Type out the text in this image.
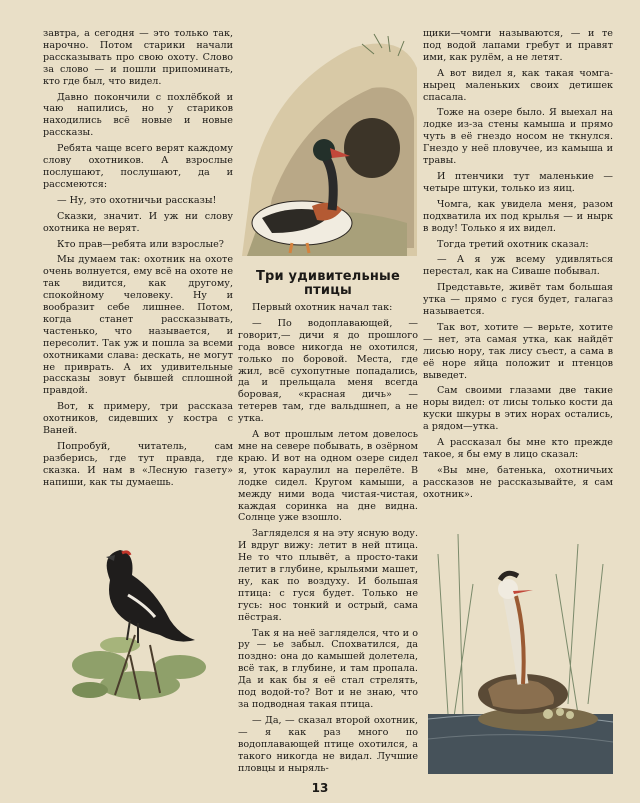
завтра, а сегодня — это только так, нарочно. Потом старики начали рассказывать про свою охоту. Слово за слово — и пошли припоминать, кто где был, что видел.

Давно покончили с похлёбкой и чаю напились, но у стариков находились всё новые и новые рассказы.

Ребята чаще всего верят каждому слову охотников. А взрослые послушают, послушают, да и рассмеются:

— Ну, это охотничьи рассказы!

Сказки, значит. И уж ни слову охотника не верят.

Кто прав—ребята или взрослые?

Мы думаем так: охотник на охоте очень волнуется, ему всё на охоте не так видится, как другому, спокойному человеку. Ну и вообразит себе лишнее. Потом, когда станет рассказывать, частенько, что называется, и пересолит. Так уж и пошла за всеми охотниками слава: дескать, не могут не приврать. А их удивительные рассказы зовут бывшей сплошной правдой.

Вот, к примеру, три рассказа охотников, сидевших у костра с Ваней.

Попробуй, читатель, сам разберись, где тут правда, где сказка. И нам в «Лесную газету» напиши, как ты думаешь.

Три удивительные птицы

Первый охотник начал так:

— По водоплавающей, — говорит,— дичи я до прошлого года вовсе никогда не охотился, только по боровой. Места, где жил, всё сухопутные попадались, да и прельщала меня всегда боровая, «красная дичь» — тетерев там, где вальдшнеп, а не утка.

А вот прошлым летом довелось мне на севере побывать, в озёрном краю. И вот на одном озере сидел я, уток караулил на перелёте. В лодке сидел. Кругом камыши, а между ними вода чистая-чистая, каждая соринка на дне видна. Солнце уже взошло.

Загляделся я на эту ясную воду. И вдруг вижу: летит в ней птица. Не то что плывёт, а просто-таки летит в глубине, крыльями машет, ну, как по воздуху. И большая птица: с гуся будет. Только не гусь: нос тонкий и острый, сама пёстрая.

Так я на неё загляделся, что и о ру — ье забыл. Спохватился, да поздно: она до камышей долетела, всё так, в глубине, и там пропала. Да и как бы я её стал стрелять, под водой-то? Вот и не знаю, что за подводная такая птица.

— Да, — сказал второй охотник,— я как раз много по водоплавающей птице охотился, а такого никогда не видал. Лучшие пловцы и ныряль-

щики—чомги называются, — и те под водой лапами гребут и правят ими, как рулём, а не летят.

А вот видел я, как такая чомга-нырец маленьких своих детишек спасала.

Тоже на озере было. Я выехал на лодке из-за стены камыша и прямо чуть в её гнездо носом не ткнулся. Гнездо у неё пловучее, из камыша и травы.

И птенчики тут маленькие — четыре штуки, только из яиц.

Чомга, как увидела меня, разом подхватила их под крылья — и нырк в воду! Только я их видел.

Тогда третий охотник сказал:

— А я уж всему удивляться перестал, как на Сиваше побывал.

Представьте, живёт там большая утка — прямо с гуся будет, галагаз называется.

Так вот, хотите — верьте, хотите — нет, эта самая утка, как найдёт лисью нору, так лису съест, а сама в её норе яйца положит и птенцов выведет.

Сам своими глазами две такие норы видел: от лисы только кости да куски шкуры в этих норах остались, а рядом—утка.

А рассказал бы мне кто прежде такое, я бы ему в лицо сказал:

«Вы мне, батенька, охотничьих рассказов не рассказывайте, я сам охотник».

13
